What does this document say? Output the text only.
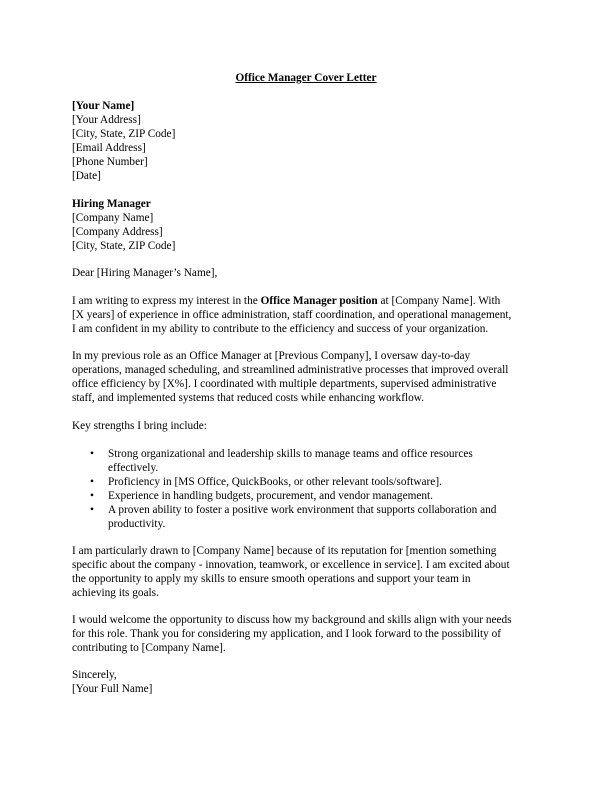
Office Manager Cover Letter
[Your Name]
[Your Address]
[City, State, ZIP Code]
[Email Address]
[Phone Number]
[Date]
Hiring Manager
[Company Name]
[Company Address]
[City, State, ZIP Code]
Dear [Hiring Manager’s Name],
I am writing to express my interest in the Office Manager position at [Company Name]. With
[X years] of experience in office administration, staff coordination, and operational management,
I am confident in my ability to contribute to the efficiency and success of your organization.
In my previous role as an Office Manager at [Previous Company], I oversaw day-to-day
operations, managed scheduling, and streamlined administrative processes that improved overall
office efficiency by [X%]. I coordinated with multiple departments, supervised administrative
staff, and implemented systems that reduced costs while enhancing workflow.
Key strengths I bring include:
• Strong organizational and leadership skills to manage teams and office resources
effectively.
• Proficiency in [MS Office, QuickBooks, or other relevant tools/software].
• Experience in handling budgets, procurement, and vendor management.
• A proven ability to foster a positive work environment that supports collaboration and
productivity.
I am particularly drawn to [Company Name] because of its reputation for [mention something
specific about the company - innovation, teamwork, or excellence in service]. I am excited about
the opportunity to apply my skills to ensure smooth operations and support your team in
achieving its goals.
I would welcome the opportunity to discuss how my background and skills align with your needs
for this role. Thank you for considering my application, and I look forward to the possibility of
contributing to [Company Name].
Sincerely,
[Your Full Name]
